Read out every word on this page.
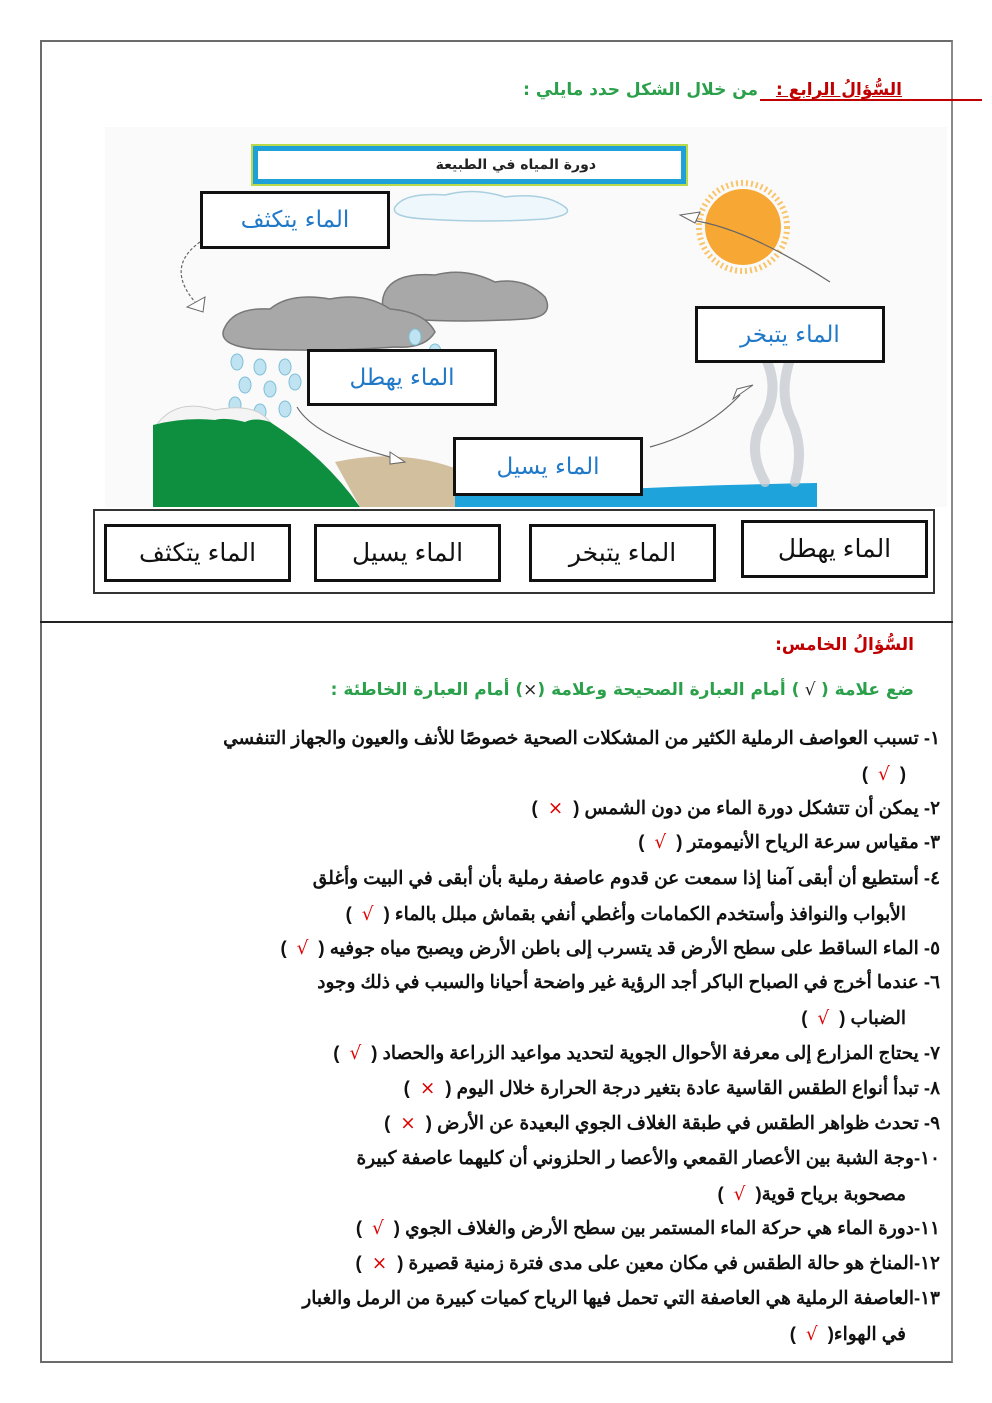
السُّؤالُ الرابع : من خلال الشكل حدد مايلي :
دورة المياه في الطبيعة
الماء يتكثف
الماء يتبخر
الماء يهطل
الماء يسيل
الماء يهطل
الماء يتبخر
الماء يسيل
الماء يتكثف
السُّؤالُ الخامس:
ضع علامة ( √ ) أمام العبارة الصحيحة وعلامة (×) أمام العبارة الخاطئة :
١- تسبب العواصف الرملية الكثير من المشكلات الصحية خصوصًا للأنف والعيون والجهاز التنفسي
(√)
٢- يمكن أن تتشكل دورة الماء من دون الشمس (×)
٣- مقياس سرعة الرياح الأنيمومتر (√)
٤- أستطيع أن أبقى آمنا إذا سمعت عن قدوم عاصفة رملية بأن أبقى في البيت وأغلق
الأبواب والنوافذ وأستخدم الكمامات وأغطي أنفي بقماش مبلل بالماء (√)
٥- الماء الساقط على سطح الأرض قد يتسرب إلى باطن الأرض ويصبح مياه جوفيه (√)
٦- عندما أخرج في الصباح الباكر أجد الرؤية غير واضحة أحيانا والسبب في ذلك وجود
الضباب (√)
٧- يحتاج المزارع إلى معرفة الأحوال الجوية لتحديد مواعيد الزراعة والحصاد (√)
٨- تبدأ أنواع الطقس القاسية عادة بتغير درجة الحرارة خلال اليوم (×)
٩- تحدث ظواهر الطقس في طبقة الغلاف الجوي البعيدة عن الأرض (×)
١٠-وجة الشبة بين الأعصار القمعي والأعصا ر الحلزوني أن كليهما عاصفة كبيرة
مصحوبة برياح قوية(√)
١١-دورة الماء هي حركة الماء المستمر بين سطح الأرض والغلاف الجوي (√)
١٢-المناخ هو حالة الطقس في مكان معين على مدى فترة زمنية قصيرة (×)
١٣-العاصفة الرملية هي العاصفة التي تحمل فيها الرياح كميات كبيرة من الرمل والغبار
في الهواء(√)
